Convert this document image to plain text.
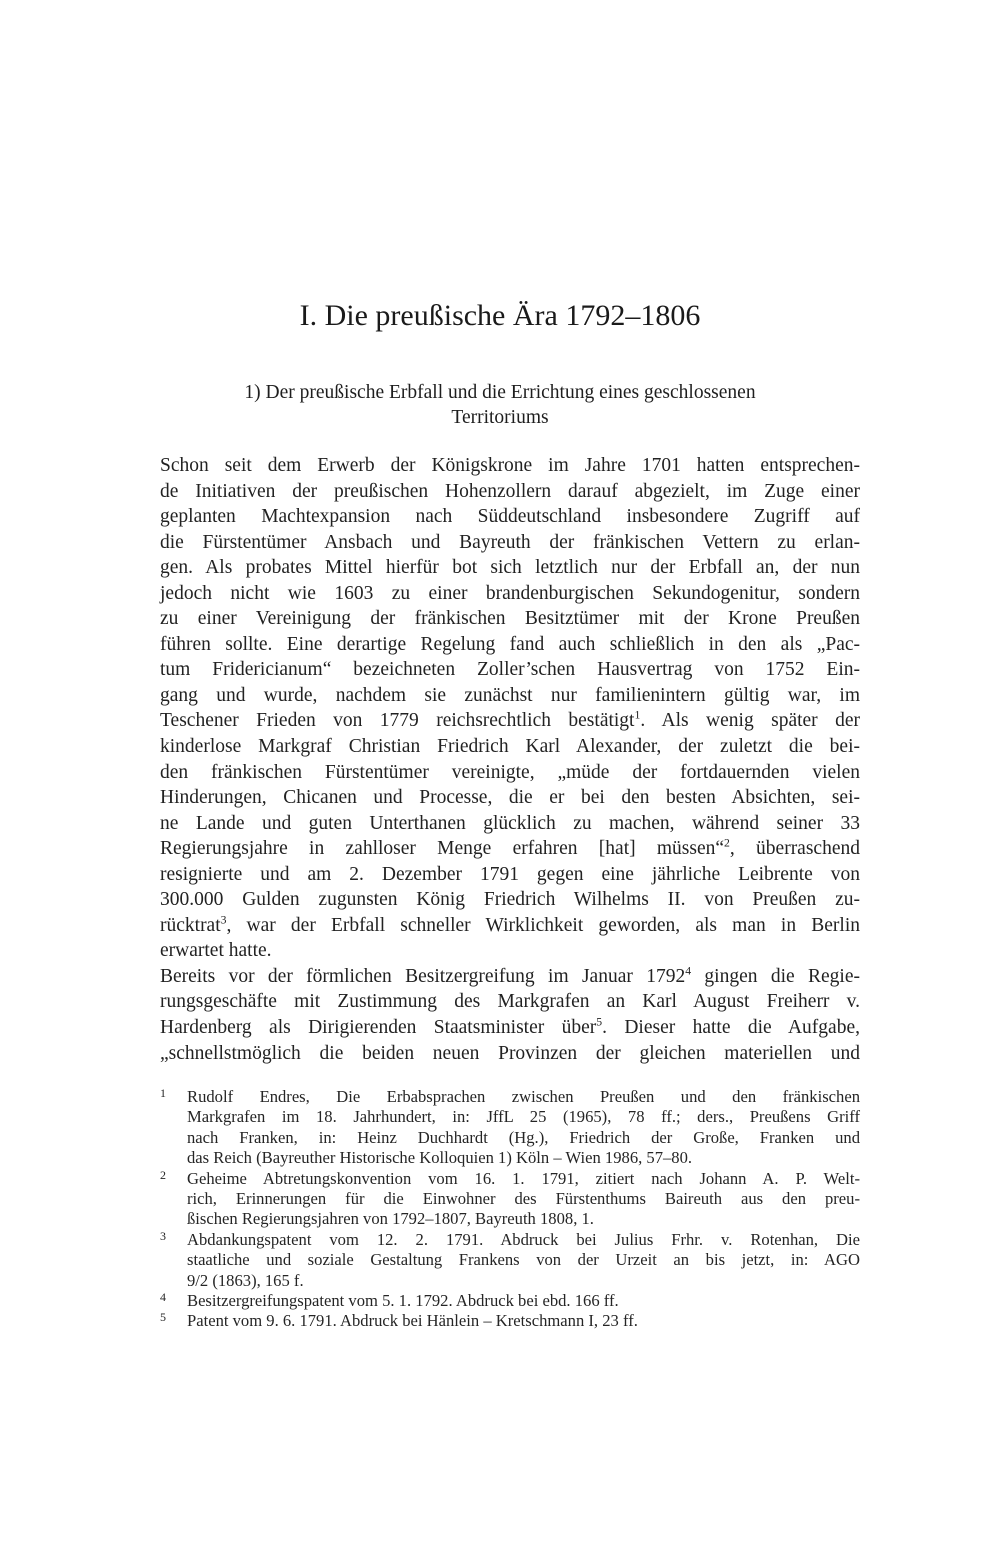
I. Die preußische Ära 1792–1806
1) Der preußische Erbfall und die Errichtung eines geschlossenen
Territoriums
Schon seit dem Erwerb der Königskrone im Jahre 1701 hatten entsprechen-
de Initiativen der preußischen Hohenzollern darauf abgezielt, im Zuge einer
geplanten Machtexpansion nach Süddeutschland insbesondere Zugriff auf
die Fürstentümer Ansbach und Bayreuth der fränkischen Vettern zu erlan-
gen. Als probates Mittel hierfür bot sich letztlich nur der Erbfall an, der nun
jedoch nicht wie 1603 zu einer brandenburgischen Sekundogenitur, sondern
zu einer Vereinigung der fränkischen Besitztümer mit der Krone Preußen
führen sollte. Eine derartige Regelung fand auch schließlich in den als „Pac-
tum Fridericianum“ bezeichneten Zoller’schen Hausvertrag von 1752 Ein-
gang und wurde, nachdem sie zunächst nur familienintern gültig war, im
Teschener Frieden von 1779 reichsrechtlich bestätigt$^1$. Als wenig später der
kinderlose Markgraf Christian Friedrich Karl Alexander, der zuletzt die bei-
den fränkischen Fürstentümer vereinigte, „müde der fortdauernden vielen
Hinderungen, Chicanen und Processe, die er bei den besten Absichten, sei-
ne Lande und guten Unterthanen glücklich zu machen, während seiner 33
Regierungsjahre in zahlloser Menge erfahren [hat] müssen“$^2$, überraschend
resignierte und am 2. Dezember 1791 gegen eine jährliche Leibrente von
300.000 Gulden zugunsten König Friedrich Wilhelms II. von Preußen zu-
rücktrat$^3$, war der Erbfall schneller Wirklichkeit geworden, als man in Berlin
erwartet hatte.
Bereits vor der förmlichen Besitzergreifung im Januar 1792$^4$ gingen die Regie-
rungsgeschäfte mit Zustimmung des Markgrafen an Karl August Freiherr v.
Hardenberg als Dirigierenden Staatsminister über$^5$. Dieser hatte die Aufgabe,
„schnellstmöglich die beiden neuen Provinzen der gleichen materiellen und
1 Rudolf Endres, Die Erbabsprachen zwischen Preußen und den fränkischen
Markgrafen im 18. Jahrhundert, in: JffL 25 (1965), 78 ff.; ders., Preußens Griff
nach Franken, in: Heinz Duchhardt (Hg.), Friedrich der Große, Franken und
das Reich (Bayreuther Historische Kolloquien 1) Köln – Wien 1986, 57–80.
2 Geheime Abtretungskonvention vom 16. 1. 1791, zitiert nach Johann A. P. Welt-
rich, Erinnerungen für die Einwohner des Fürstenthums Baireuth aus den preu-
ßischen Regierungsjahren von 1792–1807, Bayreuth 1808, 1.
3 Abdankungspatent vom 12. 2. 1791. Abdruck bei Julius Frhr. v. Rotenhan, Die
staatliche und soziale Gestaltung Frankens von der Urzeit an bis jetzt, in: AGO
9/2 (1863), 165 f.
4 Besitzergreifungspatent vom 5. 1. 1792. Abdruck bei ebd. 166 ff.
5 Patent vom 9. 6. 1791. Abdruck bei Hänlein – Kretschmann I, 23 ff.
